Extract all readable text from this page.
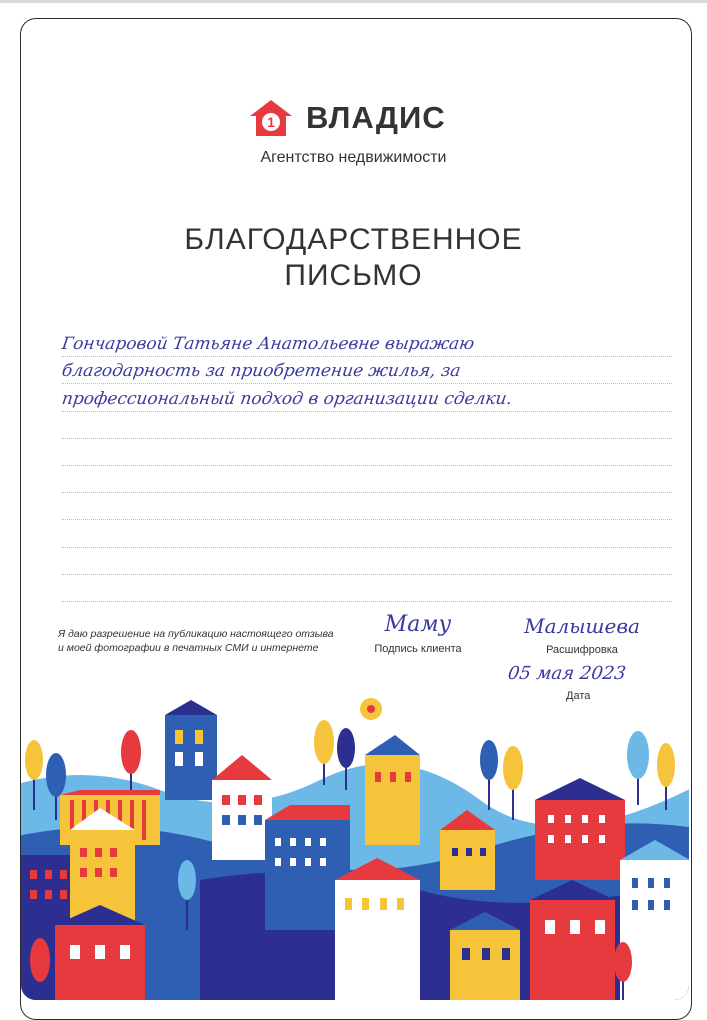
1 ВЛАДИС
Агентство недвижимости
БЛАГОДАРСТВЕННОЕ
ПИСЬМО
Гончаровой Татьяне Анатольевне выражаю
благодарность за приобретение жилья, за
профессиональный подход в организации сделки.
Я даю разрешение на публикацию настоящего отзыва
и моей фотографии в печатных СМИ и интернете
Маму
Подпись клиента
Малышева
Расшифровка
05 мая 2023
Дата
